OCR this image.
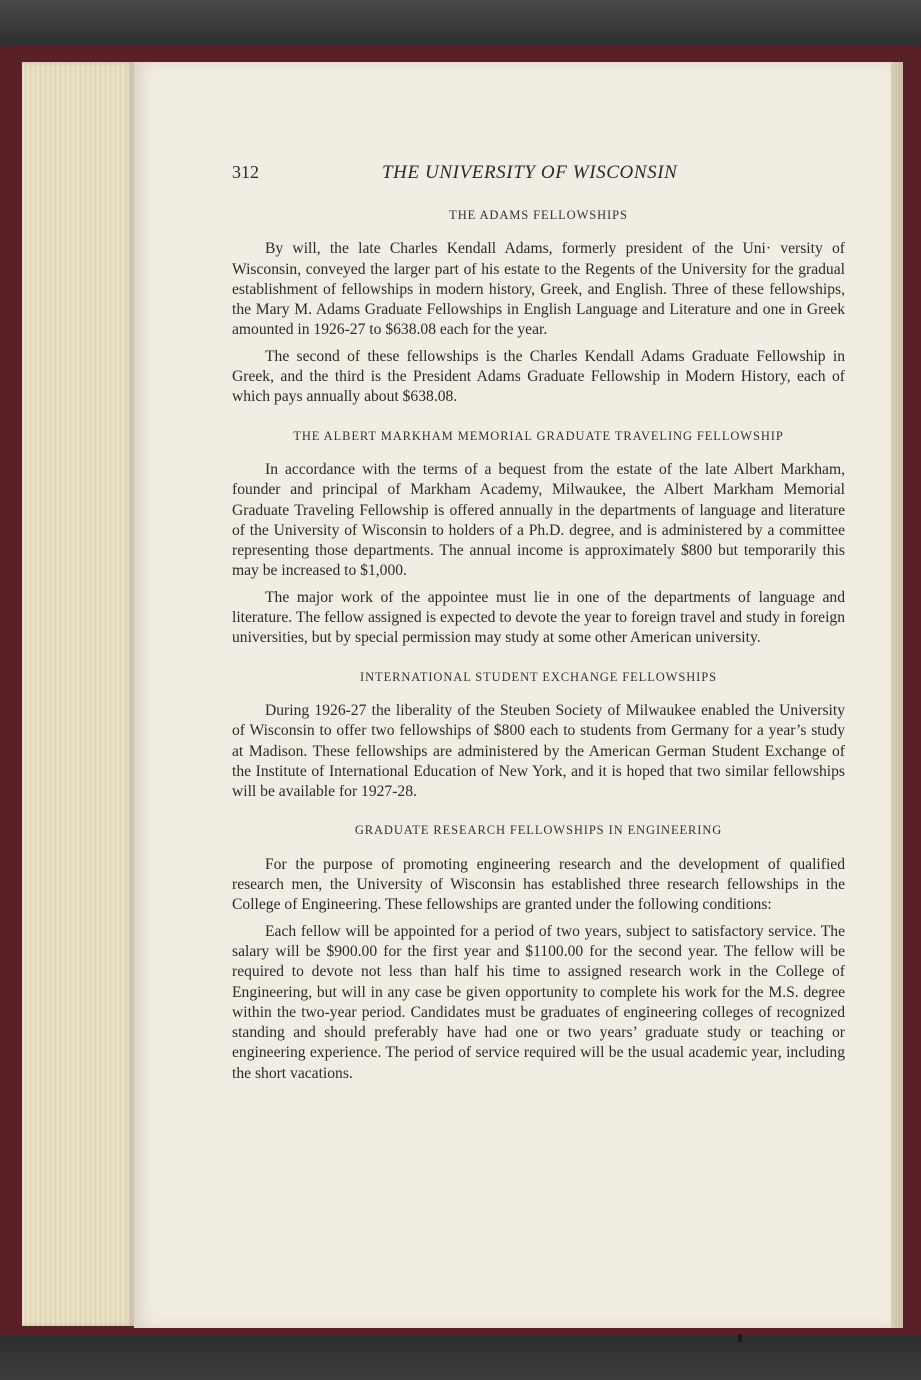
312	THE UNIVERSITY OF WISCONSIN
THE ADAMS FELLOWSHIPS

By will, the late Charles Kendall Adams, formerly president of the Uni· versity of Wisconsin, conveyed the larger part of his estate to the Regents of the University for the gradual establishment of fellowships in modern history, Greek, and English. Three of these fellowships, the Mary M. Adams Graduate Fellowships in English Language and Literature and one in Greek amounted in 1926-27 to $638.08 each for the year.

The second of these fellowships is the Charles Kendall Adams Graduate Fellowship in Greek, and the third is the President Adams Graduate Fellowship in Modern History, each of which pays annually about $638.08.

THE ALBERT MARKHAM MEMORIAL GRADUATE TRAVELING FELLOWSHIP

In accordance with the terms of a bequest from the estate of the late Albert Markham, founder and principal of Markham Academy, Milwaukee, the Albert Markham Memorial Graduate Traveling Fellowship is offered annually in the departments of language and literature of the University of Wisconsin to holders of a Ph.D. degree, and is administered by a committee representing those departments. The annual income is approximately $800 but temporarily this may be increased to $1,000.

The major work of the appointee must lie in one of the departments of language and literature. The fellow assigned is expected to devote the year to foreign travel and study in foreign universities, but by special permission may study at some other American university.

INTERNATIONAL STUDENT EXCHANGE FELLOWSHIPS

During 1926-27 the liberality of the Steuben Society of Milwaukee enabled the University of Wisconsin to offer two fellowships of $800 each to students from Germany for a year’s study at Madison. These fellowships are administered by the American German Student Exchange of the Institute of International Education of New York, and it is hoped that two similar fellowships will be available for 1927-28.

GRADUATE RESEARCH FELLOWSHIPS IN ENGINEERING

For the purpose of promoting engineering research and the development of qualified research men, the University of Wisconsin has established three research fellowships in the College of Engineering. These fellowships are granted under the following conditions:

Each fellow will be appointed for a period of two years, subject to satisfactory service. The salary will be $900.00 for the first year and $1100.00 for the second year. The fellow will be required to devote not less than half his time to assigned research work in the College of Engineering, but will in any case be given opportunity to complete his work for the M.S. degree within the two-year period. Candidates must be graduates of engineering colleges of recognized standing and should preferably have had one or two years’ graduate study or teaching or engineering experience. The period of service required will be the usual academic year, including the short vacations.
